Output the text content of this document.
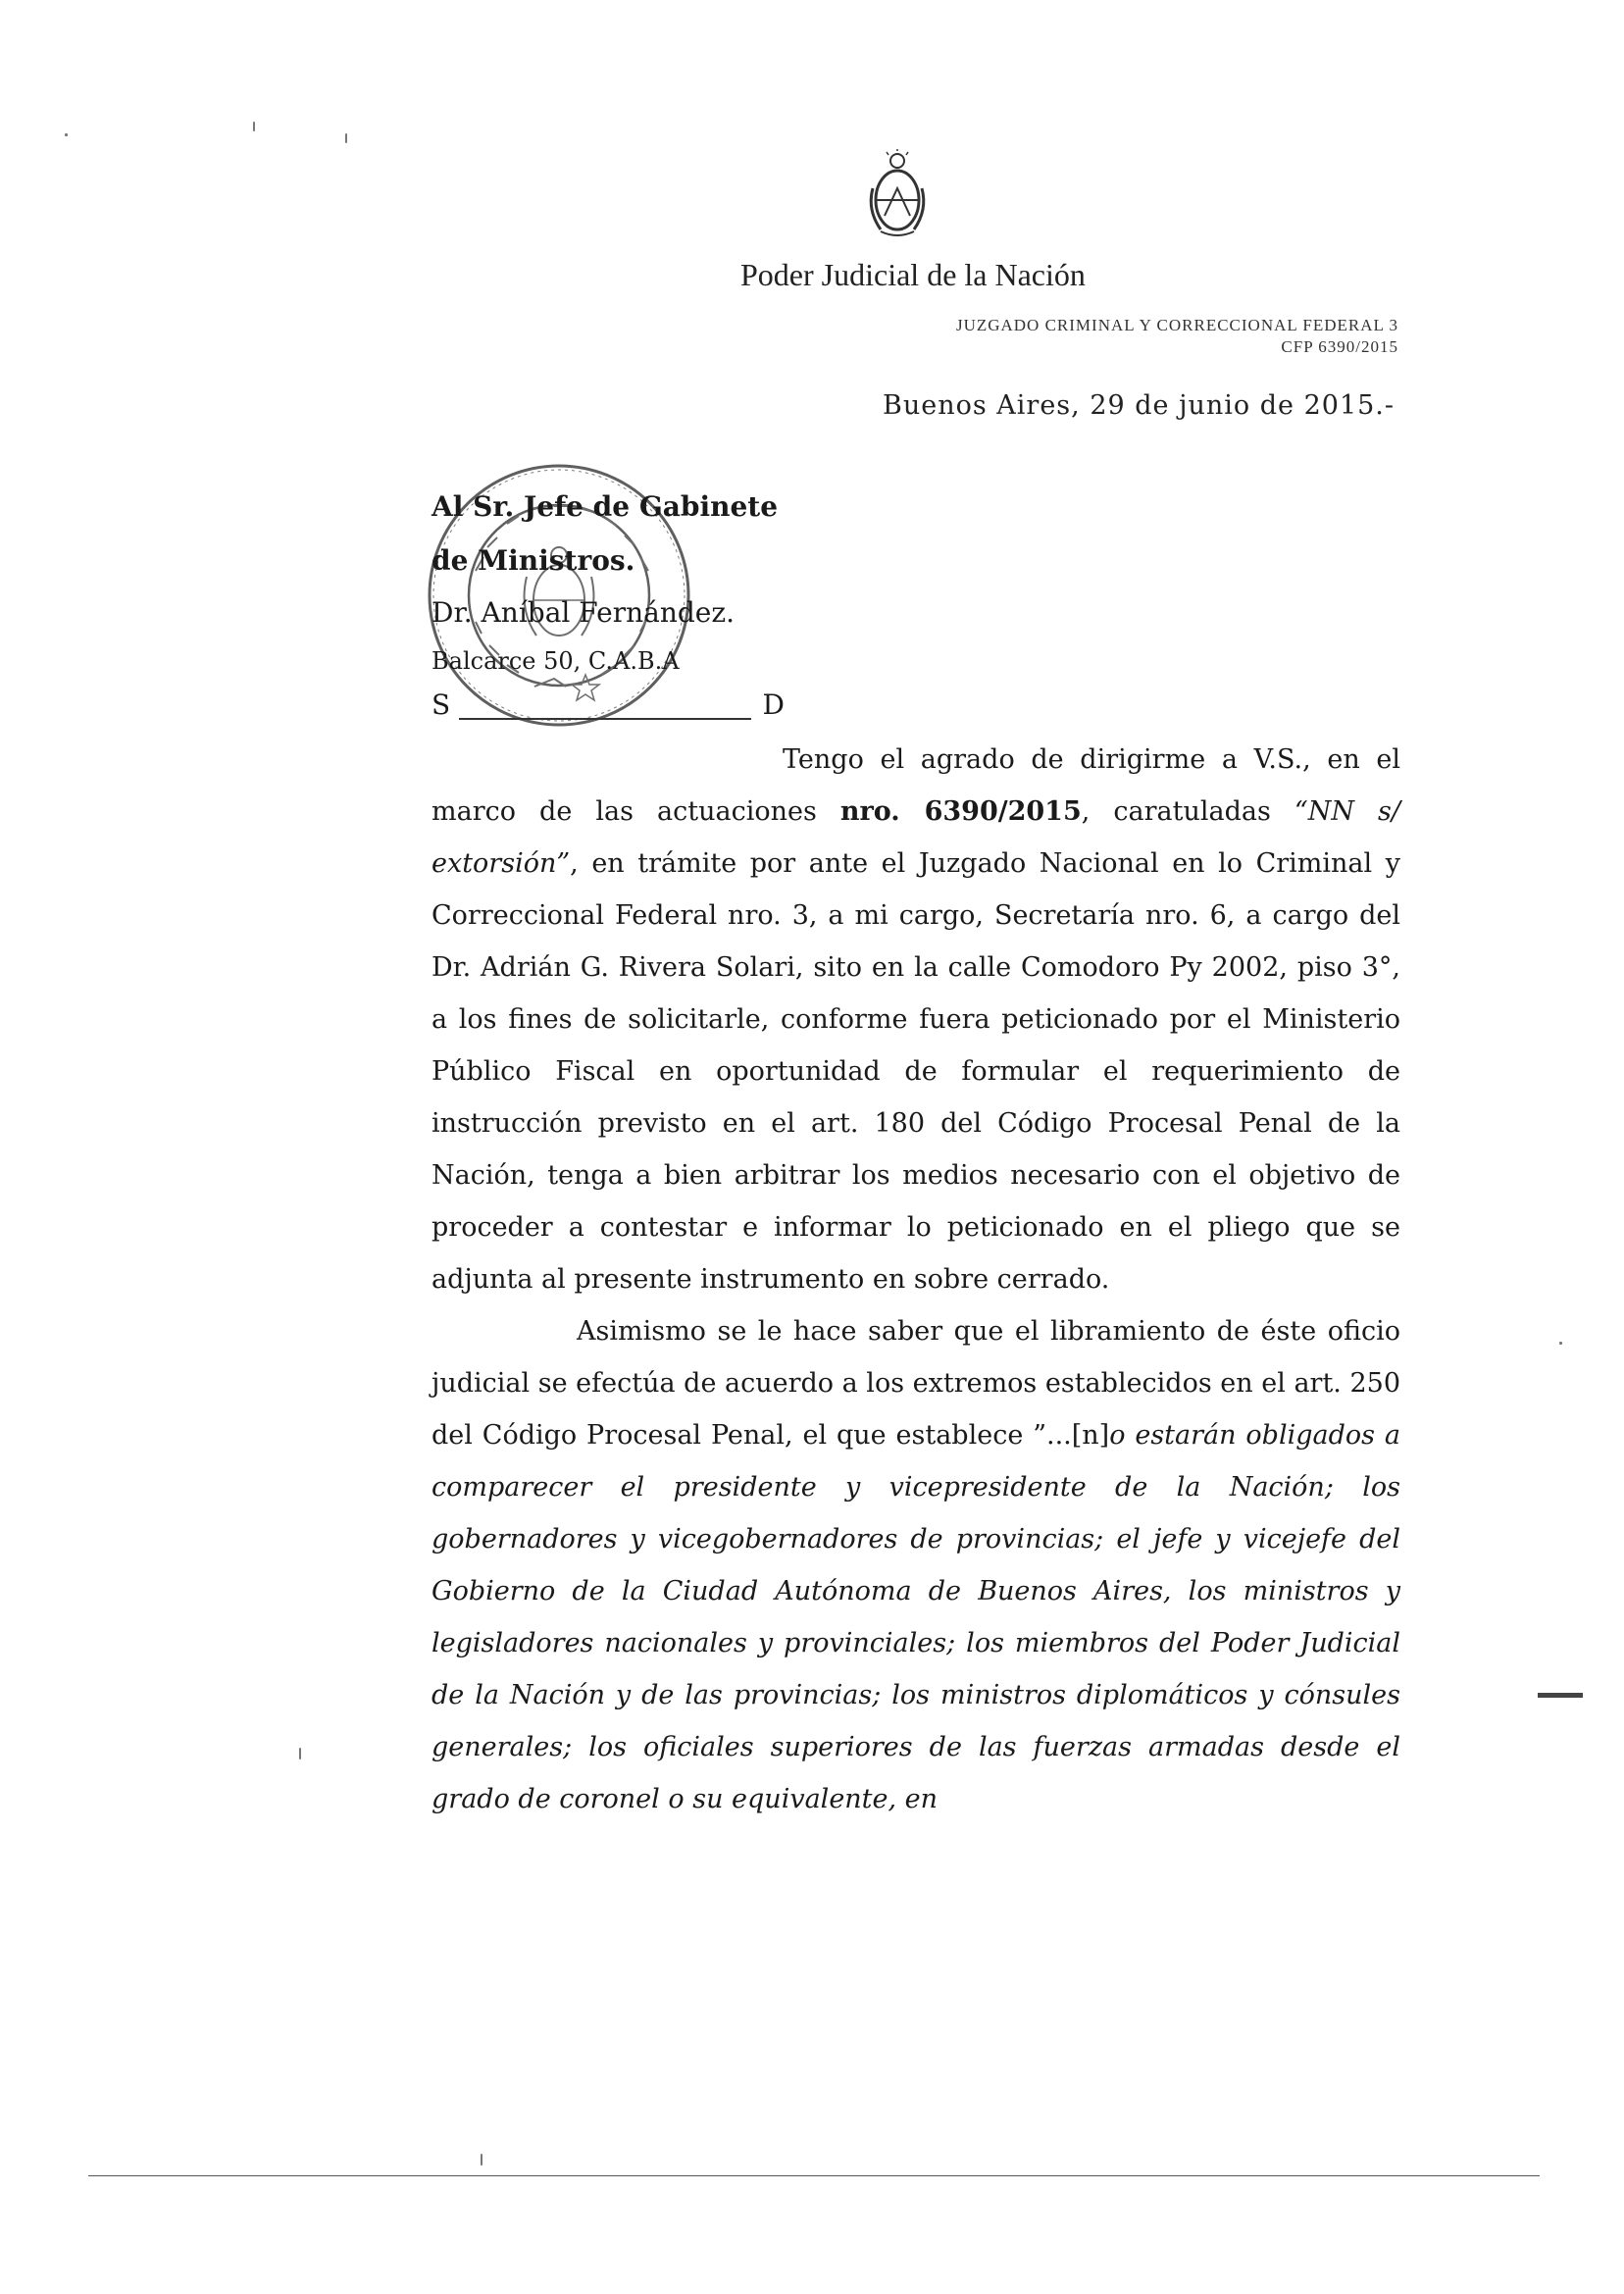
Poder Judicial de la Nación
JUZGADO CRIMINAL Y CORRECCIONAL FEDERAL 3
CFP 6390/2015
Buenos Aires, 29 de junio de 2015.-
Al Sr. Jefe de Gabinete
de Ministros.
Dr. Aníbal Fernández.
Balcarce 50, C.A.B.A
S	D

Tengo el agrado de dirigirme a V.S., en el marco de las actuaciones nro. 6390/2015, caratuladas “NN s/ extorsión”, en trámite por ante el Juzgado Nacional en lo Criminal y Correccional Federal nro. 3, a mi cargo, Secretaría nro. 6, a cargo del Dr. Adrián G. Rivera Solari, sito en la calle Comodoro Py 2002, piso 3°, a los fines de solicitarle, conforme fuera peticionado por el Ministerio Público Fiscal en oportunidad de formular el requerimiento de instrucción previsto en el art. 180 del Código Procesal Penal de la Nación, tenga a bien arbitrar los medios necesario con el objetivo de proceder a contestar e informar lo peticionado en el pliego que se adjunta al presente instrumento en sobre cerrado.

Asimismo se le hace saber que el libramiento de éste oficio judicial se efectúa de acuerdo a los extremos establecidos en el art. 250 del Código Procesal Penal, el que establece ”...[n]o estarán obligados a comparecer el presidente y vicepresidente de la Nación; los gobernadores y vicegobernadores de provincias; el jefe y vicejefe del Gobierno de la Ciudad Autónoma de Buenos Aires, los ministros y legisladores nacionales y provinciales; los miembros del Poder Judicial de la Nación y de las provincias; los ministros diplomáticos y cónsules generales; los oficiales superiores de las fuerzas armadas desde el grado de coronel o su equivalente, en
